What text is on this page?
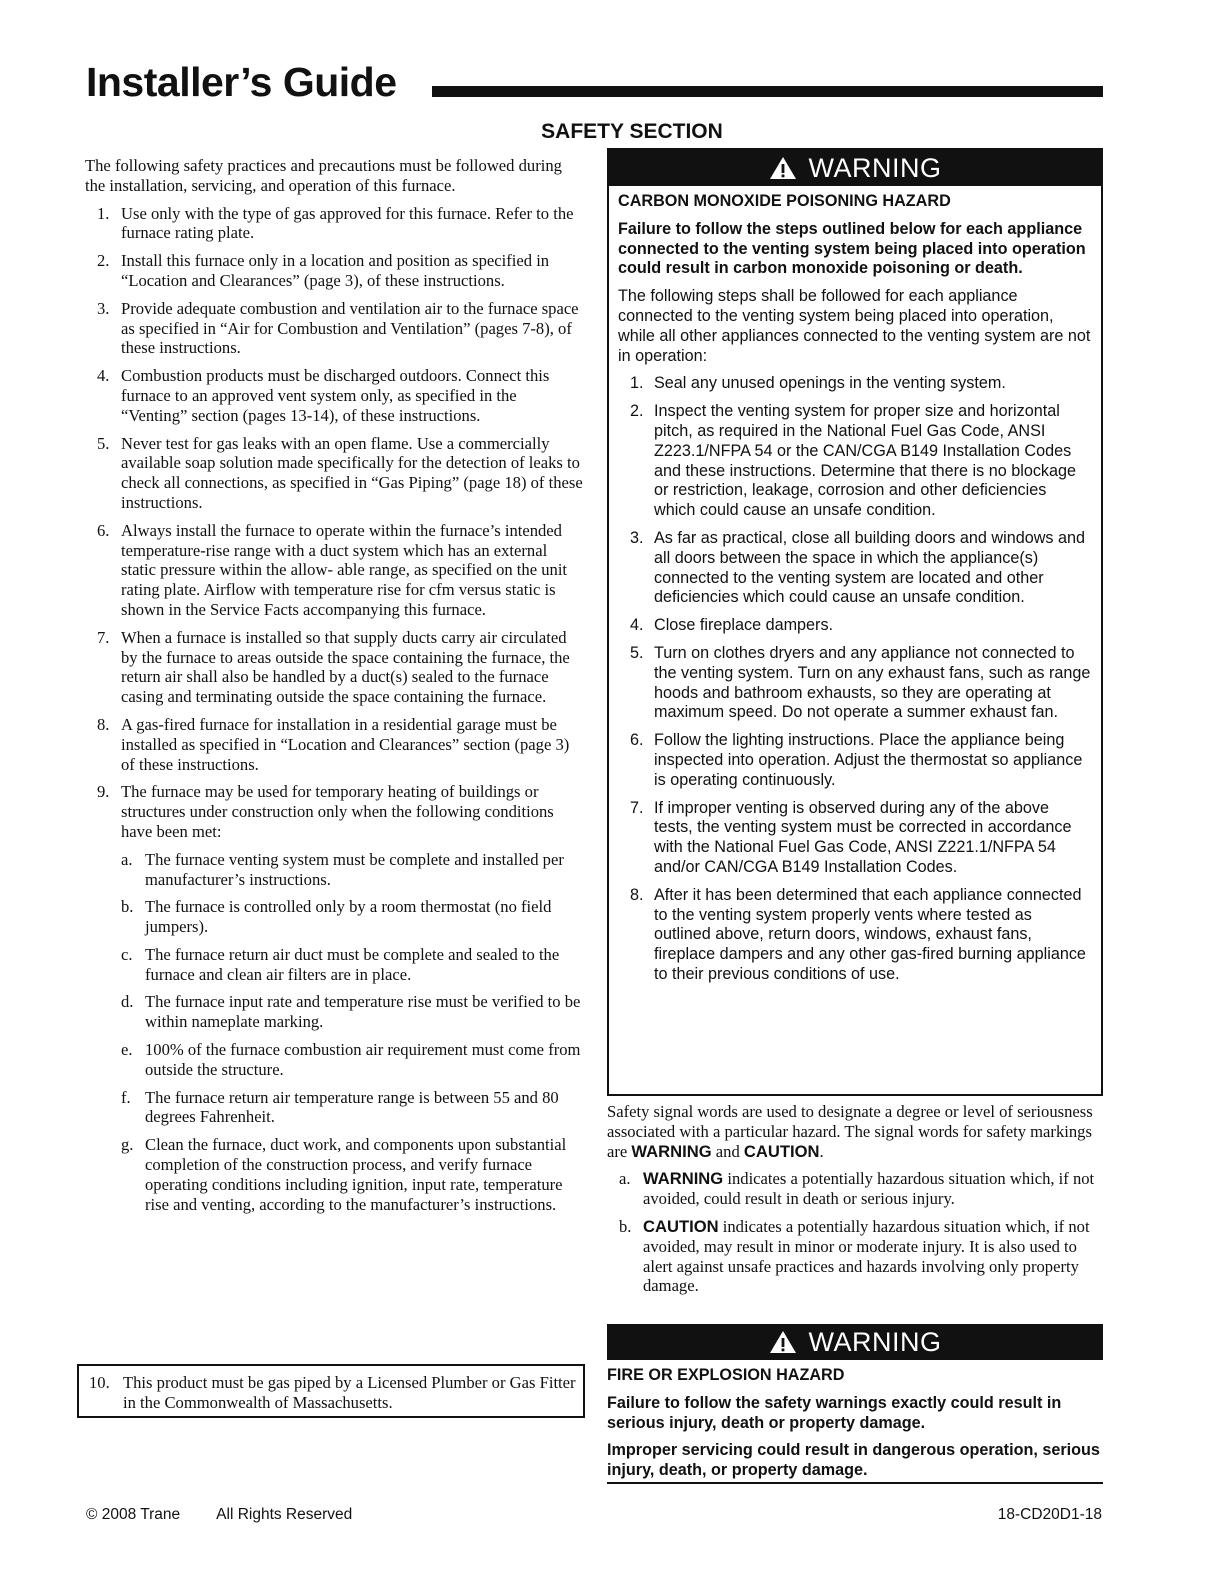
Installer’s Guide
SAFETY SECTION

The following safety practices and precautions must be followed during the installation, servicing, and operation of this furnace.

1. Use only with the type of gas approved for this furnace. Refer to the furnace rating plate.
2. Install this furnace only in a location and position as specified in “Location and Clearances” (page 3), of these instructions.
3. Provide adequate combustion and ventilation air to the furnace space as specified in “Air for Combustion and Ventilation” (pages 7-8), of these instructions.
4. Combustion products must be discharged outdoors. Connect this furnace to an approved vent system only, as specified in the “Venting” section (pages 13-14), of these instructions.
5. Never test for gas leaks with an open flame. Use a commercially available soap solution made specifically for the detection of leaks to check all connections, as specified in “Gas Piping” (page 18) of these instructions.
6. Always install the furnace to operate within the furnace’s intended temperature-rise range with a duct system which has an external static pressure within the allow- able range, as specified on the unit rating plate. Airflow with temperature rise for cfm versus static is shown in the Service Facts accompanying this furnace.
7. When a furnace is installed so that supply ducts carry air circulated by the furnace to areas outside the space containing the furnace, the return air shall also be handled by a duct(s) sealed to the furnace casing and terminating outside the space containing the furnace.
8. A gas-fired furnace for installation in a residential garage must be installed as specified in “Location and Clearances” section (page 3) of these instructions.
9. The furnace may be used for temporary heating of buildings or structures under construction only when the following conditions have been met:
a. The furnace venting system must be complete and installed per manufacturer’s instructions.
b. The furnace is controlled only by a room thermostat (no field jumpers).
c. The furnace return air duct must be complete and sealed to the furnace and clean air filters are in place.
d. The furnace input rate and temperature rise must be verified to be within nameplate marking.
e. 100% of the furnace combustion air requirement must come from outside the structure.
f. The furnace return air temperature range is between 55 and 80 degrees Fahrenheit.
g. Clean the furnace, duct work, and components upon substantial completion of the construction process, and verify furnace operating conditions including ignition, input rate, temperature rise and venting, according to the manufacturer’s instructions.
10. This product must be gas piped by a Licensed Plumber or Gas Fitter in the Commonwealth of Massachusetts.
WARNING
CARBON MONOXIDE POISONING HAZARD

Failure to follow the steps outlined below for each appliance connected to the venting system being placed into operation could result in carbon monoxide poisoning or death.

The following steps shall be followed for each appliance connected to the venting system being placed into operation, while all other appliances connected to the venting system are not in operation:

1. Seal any unused openings in the venting system.
2. Inspect the venting system for proper size and horizontal pitch, as required in the National Fuel Gas Code, ANSI Z223.1/NFPA 54 or the CAN/CGA B149 Installation Codes and these instructions. Determine that there is no blockage or restriction, leakage, corrosion and other deficiencies which could cause an unsafe condition.
3. As far as practical, close all building doors and windows and all doors between the space in which the appliance(s) connected to the venting system are located and other deficiencies which could cause an unsafe condition.
4. Close fireplace dampers.
5. Turn on clothes dryers and any appliance not connected to the venting system. Turn on any exhaust fans, such as range hoods and bathroom exhausts, so they are operating at maximum speed. Do not operate a summer exhaust fan.
6. Follow the lighting instructions. Place the appliance being inspected into operation. Adjust the thermostat so appliance is operating continuously.
7. If improper venting is observed during any of the above tests, the venting system must be corrected in accordance with the National Fuel Gas Code, ANSI Z221.1/NFPA 54 and/or CAN/CGA B149 Installation Codes.
8. After it has been determined that each appliance connected to the venting system properly vents where tested as outlined above, return doors, windows, exhaust fans, fireplace dampers and any other gas-fired burning appliance to their previous conditions of use.

Safety signal words are used to designate a degree or level of seriousness associated with a particular hazard. The signal words for safety markings are WARNING and CAUTION.

a. WARNING indicates a potentially hazardous situation which, if not avoided, could result in death or serious injury.
b. CAUTION indicates a potentially hazardous situation which, if not avoided, may result in minor or moderate injury. It is also used to alert against unsafe practices and hazards involving only property damage.
WARNING
FIRE OR EXPLOSION HAZARD

Failure to follow the safety warnings exactly could result in serious injury, death or property damage.

Improper servicing could result in dangerous operation, serious injury, death, or property damage.

© 2008 Trane All Rights Reserved	18-CD20D1-18
